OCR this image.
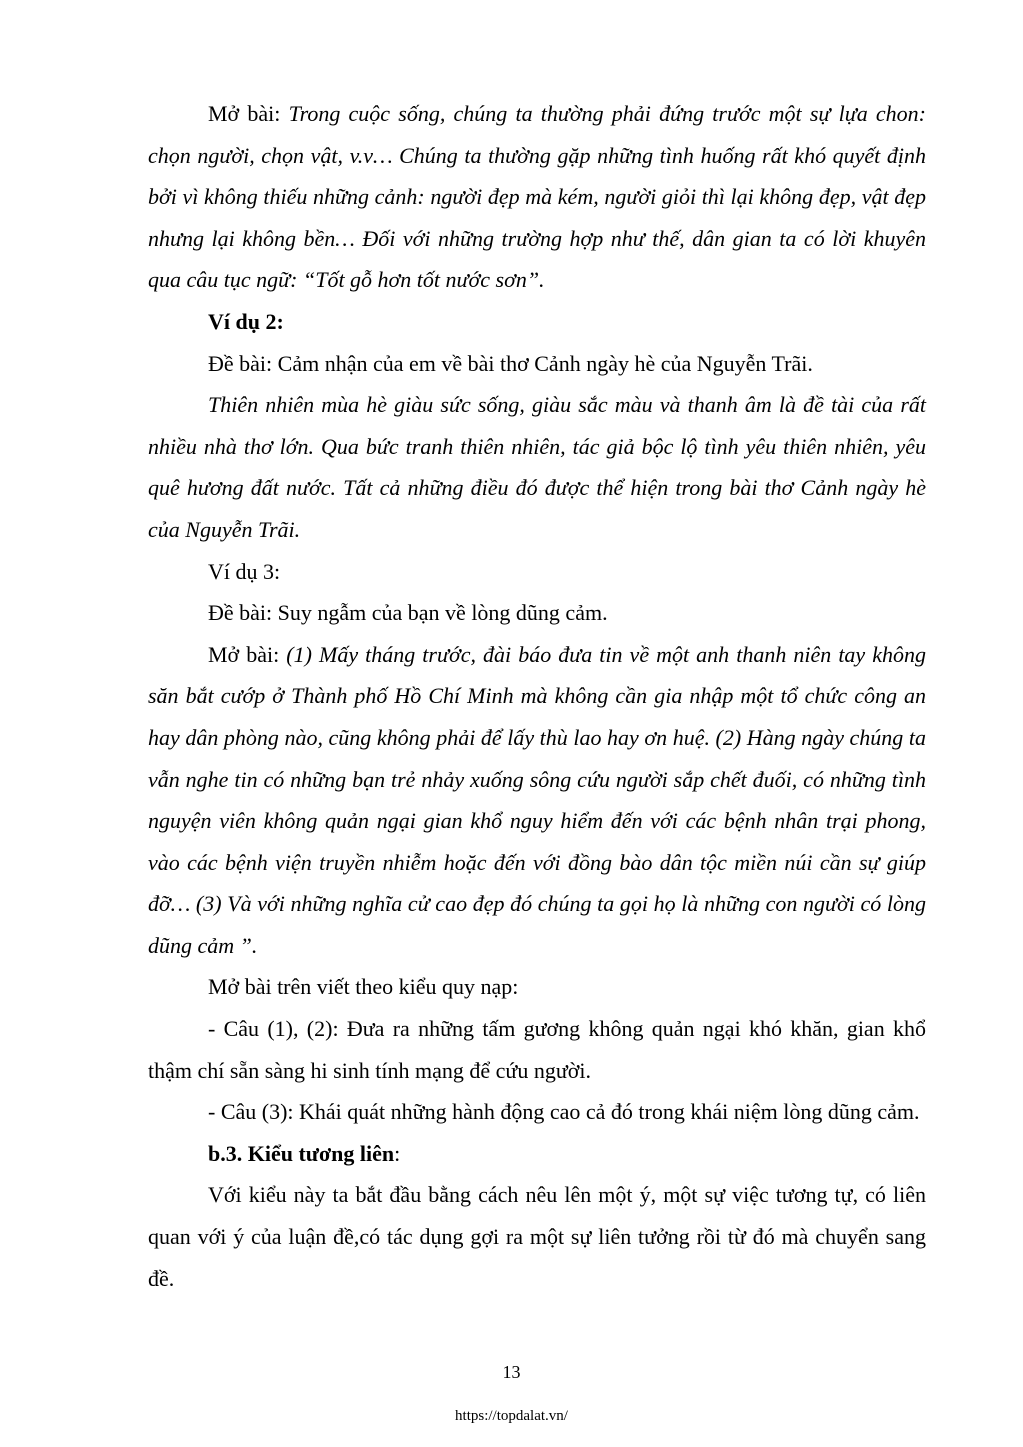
Mở bài: Trong cuộc sống, chúng ta thường phải đứng trước một sự lựa chon: chọn người, chọn vật, v.v… Chúng ta thường gặp những tình huống rất khó quyết định bởi vì không thiếu những cảnh: người đẹp mà kém, người giỏi thì lại không đẹp, vật đẹp nhưng lại không bền… Đối với những trường hợp như thế, dân gian ta có lời khuyên qua câu tục ngữ: “Tốt gỗ hơn tốt nước sơn”.

Ví dụ 2:

Đề bài: Cảm nhận của em về bài thơ Cảnh ngày hè của Nguyễn Trãi.

Thiên nhiên mùa hè giàu sức sống, giàu sắc màu và thanh âm là đề tài của rất nhiều nhà thơ lớn. Qua bức tranh thiên nhiên, tác giả bộc lộ tình yêu thiên nhiên, yêu quê hương đất nước. Tất cả những điều đó được thể hiện trong bài thơ Cảnh ngày hè của Nguyễn Trãi.

Ví dụ 3:

Đề bài: Suy ngẫm của bạn về lòng dũng cảm.

Mở bài: (1) Mấy tháng trước, đài báo đưa tin về một anh thanh niên tay không săn bắt cướp ở Thành phố Hồ Chí Minh mà không cần gia nhập một tổ chức công an hay dân phòng nào, cũng không phải để lấy thù lao hay ơn huệ. (2) Hàng ngày chúng ta vẫn nghe tin có những bạn trẻ nhảy xuống sông cứu người sắp chết đuối, có những tình nguyện viên không quản ngại gian khổ nguy hiểm đến với các bệnh nhân trại phong, vào các bệnh viện truyền nhiễm hoặc đến với đồng bào dân tộc miền núi cần sự giúp đỡ… (3) Và với những nghĩa cử cao đẹp đó chúng ta gọi họ là những con người có lòng dũng cảm ”.

Mở bài trên viết theo kiểu quy nạp:

- Câu (1), (2): Đưa ra những tấm gương không quản ngại khó khăn, gian khổ thậm chí sẵn sàng hi sinh tính mạng để cứu người.

- Câu (3): Khái quát những hành động cao cả đó trong khái niệm lòng dũng cảm.

b.3. Kiểu tương liên:

Với kiểu này ta bắt đầu bằng cách nêu lên một ý, một sự việc tương tự, có liên quan với ý của luận đề,có tác dụng gợi ra một sự liên tưởng rồi từ đó mà chuyển sang đề.

13
https://topdalat.vn/
